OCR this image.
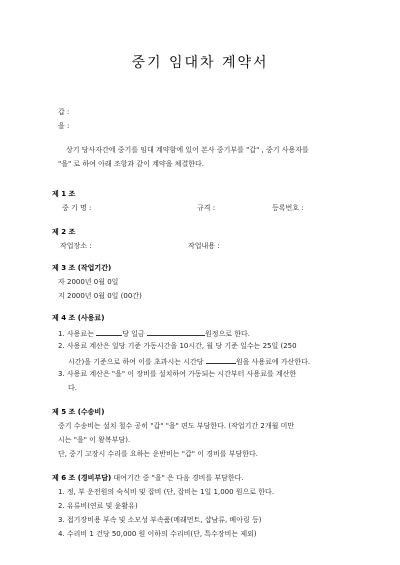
중기 임대차 계약서
갑 :
을 :
상기 당사자간에 중기를 임대 계약함에 있어 본사 중기부를 "갑" , 중기 사용자를
"을" 로 하여 아래 조항과 같이 계약을 체결한다.
제 1 조
중 기 명 :	규격 :	등록번호 :
제 2 조
작업장소 :	작업내용 :
제 3 조 (작업기간)
자 2000년 0월 0일
지 2000년 0월 0일 (00간)
제 4 조 (사용료)
1. 사용료는	당 일금	원정으로 한다.
2. 사용료 계산은 일당 기준 가동시간을 10시간, 월 당 기준 일수는 25일 (250
시간)을 기준으로 하여 이를 초과시는 시간당	원을 사용료에 가산한다.
3. 사용료 계산은 "을" 이 장비를 설치하여 가동되는 시간부터 사용료를 계산한
다.
제 5 조 (수송비)
중기 수송비는 설치 철수 공히 "갑" "을" 편도 부담한다. (작업기간 2개월 미만
시는 "을" 이 왕복부담).
단, 중기 고장시 수리를 요하는 운반비는 "갑" 이 경비를 부담한다.
제 6 조 (경비부담) 대여기간 중 "을" 은 다음 경비를 부담한다.
1. 정, 부 운전원의 숙식비 및 잡비 (단, 잡비는 1일 1,000 원으로 한다.
2. 유류비(연료 및 윤활유)
3. 접기장비용 부속 및 소모성 부속품(메래먼트, 샵남류, 베아링 등)
4. 수리비 1 건당 50,000 원 이하의 수리비(단, 특수장비는 제외)
